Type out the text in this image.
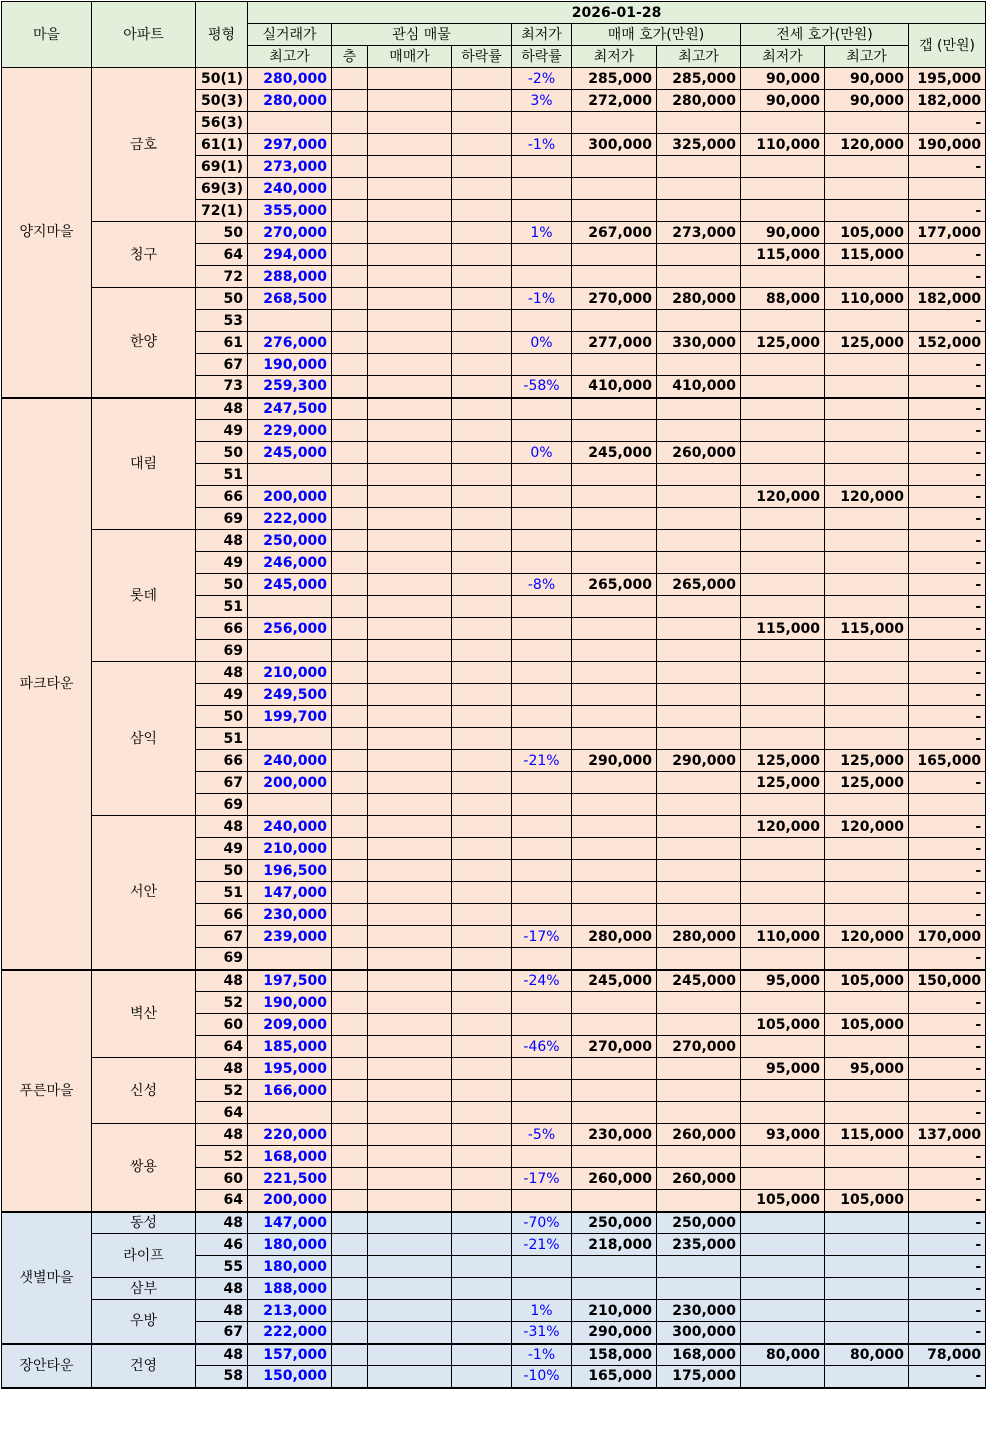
마을	아파트	평형	2026-01-28									
			실거래가	관심 매물			최저가	매매 호가(만원)		전세 호가(만원)		갭 (만원)
			최고가	층	매매가	하락률	하락률	최저가	최고가	최저가	최고가	
양지마을	금호	50(1)	280,000				-2%	285,000	285,000	90,000	90,000	195,000
		50(3)	280,000				3%	272,000	280,000	90,000	90,000	182,000
		56(3)										-
		61(1)	297,000				-1%	300,000	325,000	110,000	120,000	190,000
		69(1)	273,000									-
		69(3)	240,000									
		72(1)	355,000									-
	청구	50	270,000				1%	267,000	273,000	90,000	105,000	177,000
		64	294,000							115,000	115,000	-
		72	288,000									-
	한양	50	268,500				-1%	270,000	280,000	88,000	110,000	182,000
		53										-
		61	276,000				0%	277,000	330,000	125,000	125,000	152,000
		67	190,000									-
		73	259,300				-58%	410,000	410,000			-
파크타운	대림	48	247,500									-
		49	229,000									-
		50	245,000				0%	245,000	260,000			-
		51										-
		66	200,000							120,000	120,000	-
		69	222,000									-
	롯데	48	250,000									-
		49	246,000									-
		50	245,000				-8%	265,000	265,000			-
		51										-
		66	256,000							115,000	115,000	-
		69										-
	삼익	48	210,000									-
		49	249,500									-
		50	199,700									-
		51										-
		66	240,000				-21%	290,000	290,000	125,000	125,000	165,000
		67	200,000							125,000	125,000	-
		69										
	서안	48	240,000							120,000	120,000	-
		49	210,000									-
		50	196,500									-
		51	147,000									-
		66	230,000									-
		67	239,000				-17%	280,000	280,000	110,000	120,000	170,000
		69										-
푸른마을	벽산	48	197,500				-24%	245,000	245,000	95,000	105,000	150,000
		52	190,000									-
		60	209,000							105,000	105,000	-
		64	185,000				-46%	270,000	270,000			-
	신성	48	195,000							95,000	95,000	-
		52	166,000									-
		64										-
	쌍용	48	220,000				-5%	230,000	260,000	93,000	115,000	137,000
		52	168,000									-
		60	221,500				-17%	260,000	260,000			-
		64	200,000							105,000	105,000	-
샛별마을	동성	48	147,000				-70%	250,000	250,000			-
	라이프	46	180,000				-21%	218,000	235,000			-
		55	180,000									-
	삼부	48	188,000									-
	우방	48	213,000				1%	210,000	230,000			-
		67	222,000				-31%	290,000	300,000			-
장안타운	건영	48	157,000				-1%	158,000	168,000	80,000	80,000	78,000
		58	150,000				-10%	165,000	175,000			-
